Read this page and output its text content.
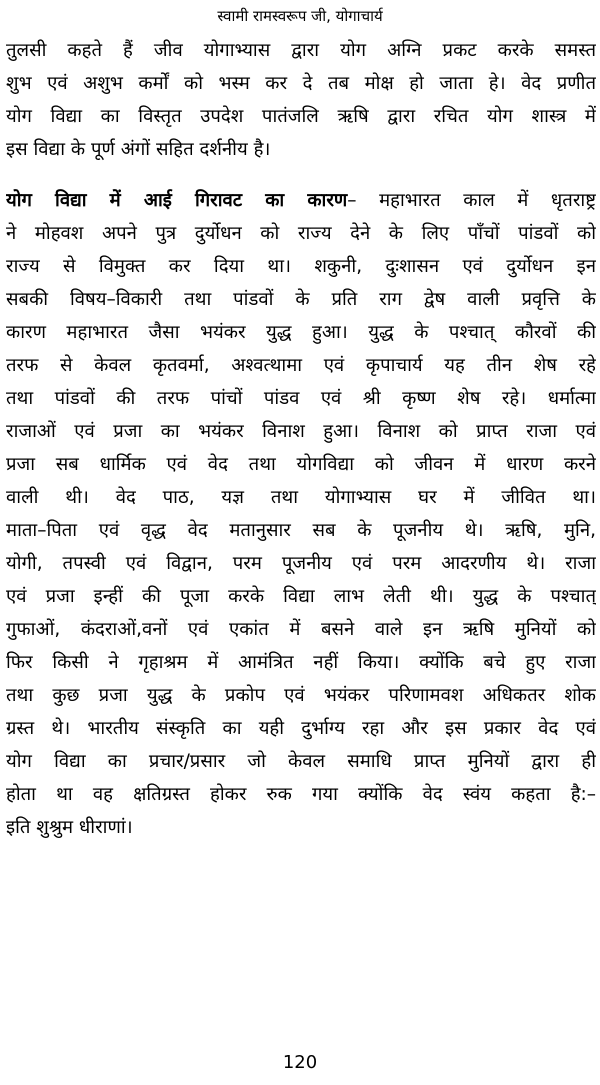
स्वामी रामस्वरूप जी, योगाचार्य
तुलसी कहते हैं जीव योगाभ्यास द्वारा योग अग्नि प्रकट करके समस्त
शुभ एवं अशुभ कर्मों को भस्म कर दे तब मोक्ष हो जाता हे। वेद प्रणीत
योग विद्या का विस्तृत उपदेश पातंजलि ऋषि द्वारा रचित योग शास्त्र में
इस विद्या के पूर्ण अंगों सहित दर्शनीय है।
योग विद्या में आई गिरावट का कारण– महाभारत काल में धृतराष्ट्र
ने मोहवश अपने पुत्र दुर्योधन को राज्य देने के लिए पाँचों पांडवों को
राज्य से विमुक्त कर दिया था। शकुनी, दुःशासन एवं दुर्योधन इन
सबकी विषय–विकारी तथा पांडवों के प्रति राग द्वेष वाली प्रवृत्ति के
कारण महाभारत जैसा भयंकर युद्ध हुआ। युद्ध के पश्चात् कौरवों की
तरफ से केवल कृतवर्मा, अश्वत्थामा एवं कृपाचार्य यह तीन शेष रहे
तथा पांडवों की तरफ पांचों पांडव एवं श्री कृष्ण शेष रहे। धर्मात्मा
राजाओं एवं प्रजा का भयंकर विनाश हुआ। विनाश को प्राप्त राजा एवं
प्रजा सब धार्मिक एवं वेद तथा योगविद्या को जीवन में धारण करने
वाली थी। वेद पाठ, यज्ञ तथा योगाभ्यास घर में जीवित था।
माता–पिता एवं वृद्ध वेद मतानुसार सब के पूजनीय थे। ऋषि, मुनि,
योगी, तपस्वी एवं विद्वान, परम पूजनीय एवं परम आदरणीय थे। राजा
एवं प्रजा इन्हीं की पूजा करके विद्या लाभ लेती थी। युद्ध के पश्चात्
गुफाओं, कंदराओं,वनों एवं एकांत में बसने वाले इन ऋषि मुनियों को
फिर किसी ने गृहाश्रम में आमंत्रित नहीं किया। क्योंकि बचे हुए राजा
तथा कुछ प्रजा युद्ध के प्रकोप एवं भयंकर परिणामवश अधिकतर शोक
ग्रस्त थे। भारतीय संस्कृति का यही दुर्भाग्य रहा और इस प्रकार वेद एवं
योग विद्या का प्रचार/प्रसार जो केवल समाधि प्राप्त मुनियों द्वारा ही
होता था वह क्षतिग्रस्त होकर रुक गया क्योंकि वेद स्वंय कहता है:–
इति शुश्रुम धीराणां।
120
